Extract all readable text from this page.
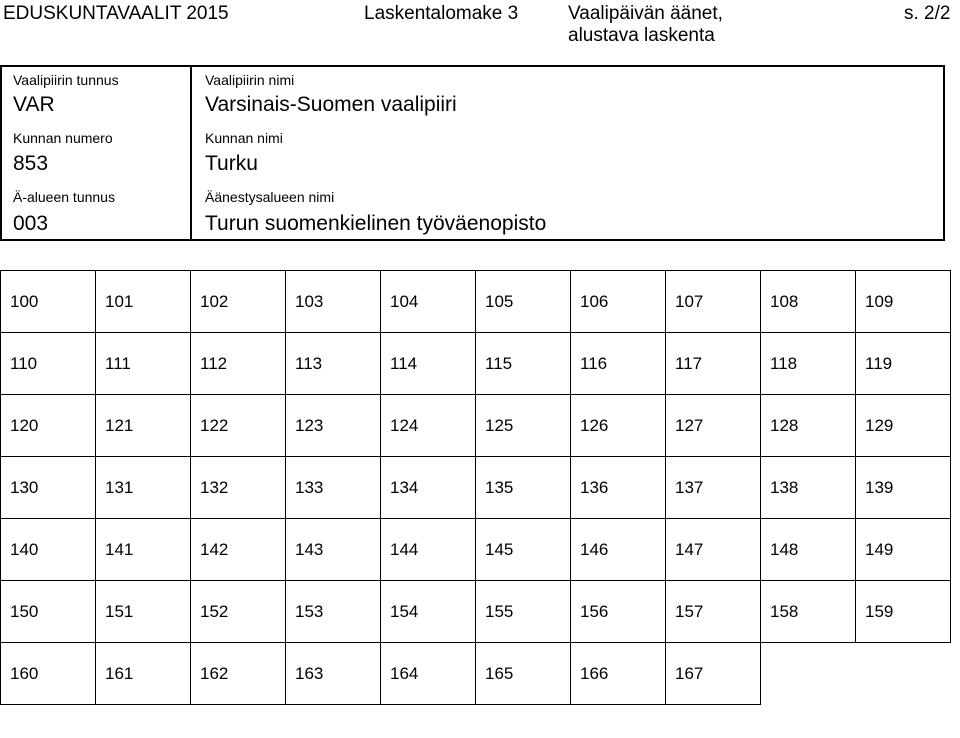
EDUSKUNTAVAALIT 2015	Laskentalomake 3	Vaalipäivän äänet,
alustava laskenta
s. 2/2
Vaalipiirin tunnus
VAR
Vaalipiirin nimi
Varsinais-Suomen vaalipiiri
Kunnan numero
853
Kunnan nimi
Turku
Ä-alueen tunnus
003
Äänestysalueen nimi
Turun suomenkielinen työväenopisto
100	101	102	103	104	105	106	107	108	109
110	111	112	113	114	115	116	117	118	119
120	121	122	123	124	125	126	127	128	129
130	131	132	133	134	135	136	137	138	139
140	141	142	143	144	145	146	147	148	149
150	151	152	153	154	155	156	157	158	159
160	161	162	163	164	165	166	167		
